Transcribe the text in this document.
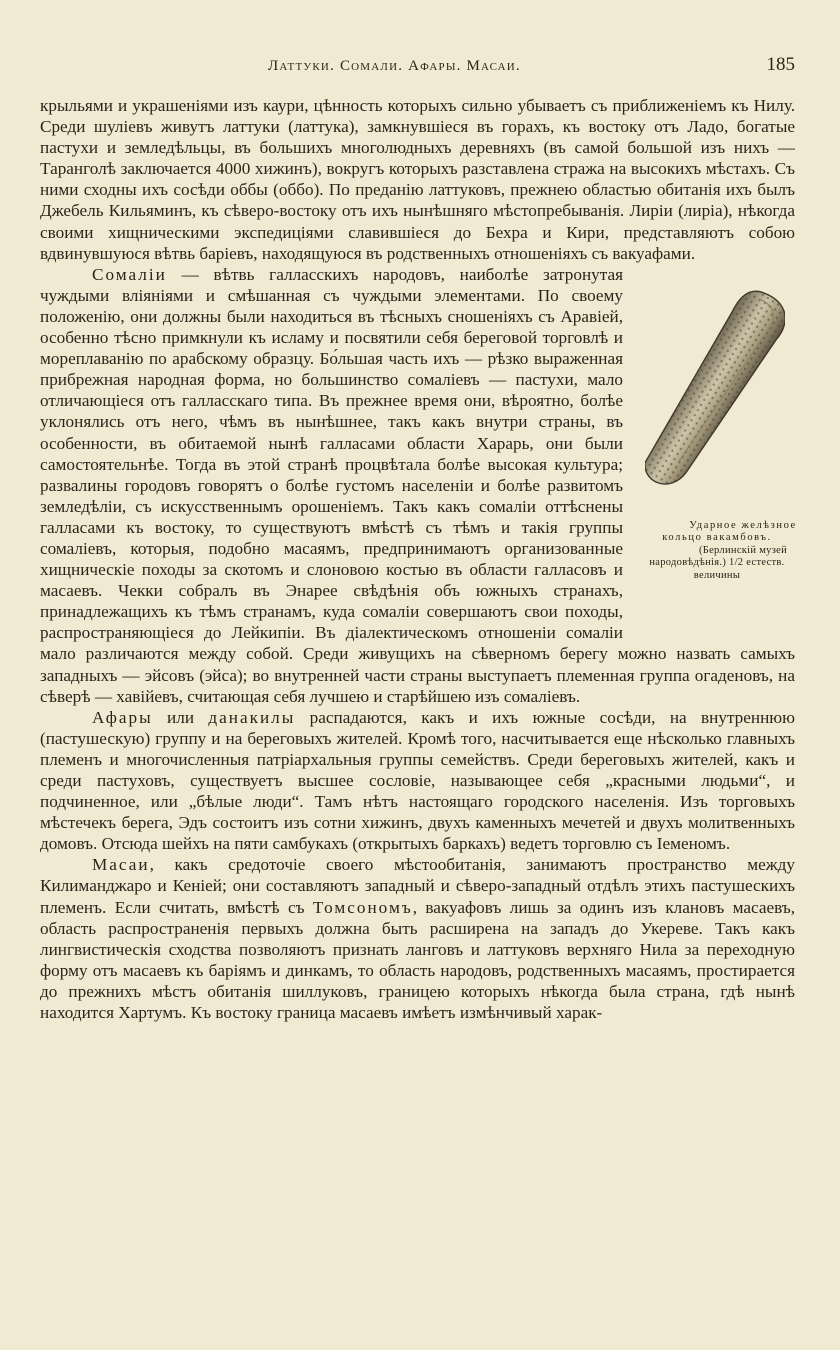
Латтуки. Сомали. Афары. Масаи.	185

крыльями и украшеніями изъ каури, цѣнность которыхъ сильно убываетъ съ приближеніемъ къ Нилу. Среди шуліевъ живутъ латтуки (латтука), замкнувшіеся въ горахъ, къ востоку отъ Ладо, богатые пастухи и земледѣльцы, въ большихъ многолюдныхъ деревняхъ (въ самой большой изъ нихъ — Таранголѣ заключается 4000 хижинъ), вокругъ которыхъ разставлена стража на высокихъ мѣстахъ. Съ ними сходны ихъ сосѣди оббы (оббо). По преданію латтуковъ, прежнею областью обитанія ихъ былъ Джебель Кильяминъ, къ сѣверо-востоку отъ ихъ нынѣшняго мѣстопребыванія. Лиріи (лиріа), нѣкогда своими хищническими экспедиціями славившіеся до Бехра и Кири, представляютъ собою вдвинувшуюся вѣтвь баріевъ, находящуюся въ родственныхъ отношеніяхъ съ вакуафами.

Сомаліи
Ударное желѣзное кольцо вакамбовъ.
(Берлинскій музей народовѣдѣнія.) 1/2 естеств. величины
— вѣтвь галласскихъ народовъ, наиболѣе затронутая чуждыми вліяніями и смѣшанная съ чуждыми элементами. По своему положенію, они должны были находиться въ тѣсныхъ сношеніяхъ съ Аравіей, особенно тѣсно примкнули къ исламу и посвятили себя береговой торговлѣ и мореплаванію по арабскому образцу. Бо́льшая часть ихъ — рѣзко выраженная прибрежная народная форма, но большинство сомаліевъ — пастухи, мало отличающіеся отъ галласскаго типа. Въ прежнее время они, вѣроятно, болѣе уклонялись отъ него, чѣмъ въ нынѣшнее, такъ какъ внутри страны, въ особенности, въ обитаемой нынѣ галласами области Харарь, они были самостоятельнѣе. Тогда въ этой странѣ процвѣтала болѣе высокая культура; развалины городовъ говорятъ о болѣе густомъ населеніи и болѣе развитомъ земледѣліи, съ искусственнымъ орошеніемъ. Такъ какъ сомаліи оттѣснены галласами къ востоку, то существуютъ вмѣстѣ съ тѣмъ и такія группы сомаліевъ, которыя, подобно масаямъ, предпринимаютъ организованные хищническіе походы за скотомъ и слоновою костью въ области галласовъ и масаевъ. Чекки собралъ въ Энарее свѣдѣнія объ южныхъ странахъ, принадлежащихъ къ тѣмъ странамъ, куда сомаліи совершаютъ свои походы, распространяющіеся до Лейкипіи. Въ діалектическомъ отношеніи сомаліи мало различаются между собой. Среди живущихъ на сѣверномъ берегу можно назвать самыхъ западныхъ — эйсовъ (эйса); во внутренней части страны выступаетъ племенная группа огаденовъ, на сѣверѣ — хавійевъ, считающая себя лучшею и старѣйшею изъ сомаліевъ.

Афары или данакилы распадаются, какъ и ихъ южные сосѣди, на внутреннюю (пастушескую) группу и на береговыхъ жителей. Кромѣ того, насчитывается еще нѣсколько главныхъ племенъ и многочисленныя патріархальныя группы семействъ. Среди береговыхъ жителей, какъ и среди пастуховъ, существуетъ высшее сословіе, называющее себя „красными людьми“, и подчиненное, или „бѣлые люди“. Тамъ нѣтъ настоящаго городского населенія. Изъ торговыхъ мѣстечекъ берега, Эдъ состоитъ изъ сотни хижинъ, двухъ каменныхъ мечетей и двухъ молитвенныхъ домовъ. Отсюда шейхъ на пяти самбукахъ (открытыхъ баркахъ) ведетъ торговлю съ Іеменомъ.

Масаи, какъ средоточіе своего мѣстообитанія, занимаютъ пространство между Килиманджаро и Кеніей; они составляютъ западный и сѣверо-западный отдѣлъ этихъ пастушескихъ племенъ. Если считать, вмѣстѣ съ Томсономъ, вакуафовъ лишь за одинъ изъ клановъ масаевъ, область распространенія первыхъ должна быть расширена на западъ до Укереве. Такъ какъ лингвистическія сходства позволяютъ признать ланговъ и латтуковъ верхняго Нила за переходную форму отъ масаевъ къ баріямъ и динкамъ, то область народовъ, родственныхъ масаямъ, простирается до прежнихъ мѣстъ обитанія шиллуковъ, границею которыхъ нѣкогда была страна, гдѣ нынѣ находится Хартумъ. Къ востоку граница масаевъ имѣетъ измѣнчивый харак-
